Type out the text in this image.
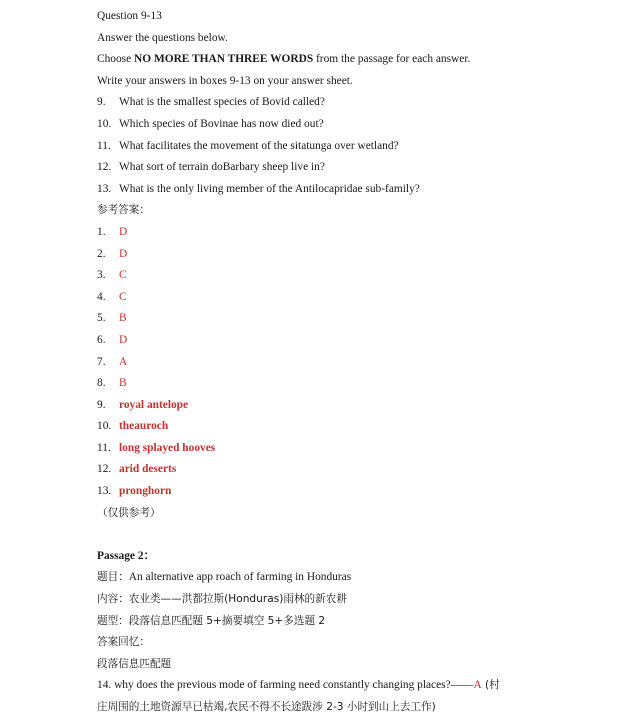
Question 9-13
Answer the questions below.
Choose NO MORE THAN THREE WORDS from the passage for each answer.
Write your answers in boxes 9-13 on your answer sheet.
9. What is the smallest species of Bovid called?
10. Which species of Bovinae has now died out?
11. What facilitates the movement of the sitatunga over wetland?
12. What sort of terrain doBarbary sheep live in?
13. What is the only living member of the Antilocapridae sub-family?
参考答案：
1. D
2. D
3. C
4. C
5. B
6. D
7. A
8. B
9. royal antelope
10. theauroch
11. long splayed hooves
12. arid deserts
13. pronghorn
（仅供参考）
Passage 2：
题目：An alternative app roach of farming in Honduras
内容：农业类——洪都拉斯(Honduras)雨林的新农耕
题型：段落信息匹配题 5+摘要填空 5+多选题 2
答案回忆：
段落信息匹配题
14. why does the previous mode of farming need constantly changing places?——A (村
庄周围的土地资源早已枯竭,农民不得不长途跋涉 2-3 小时到山上去工作)
